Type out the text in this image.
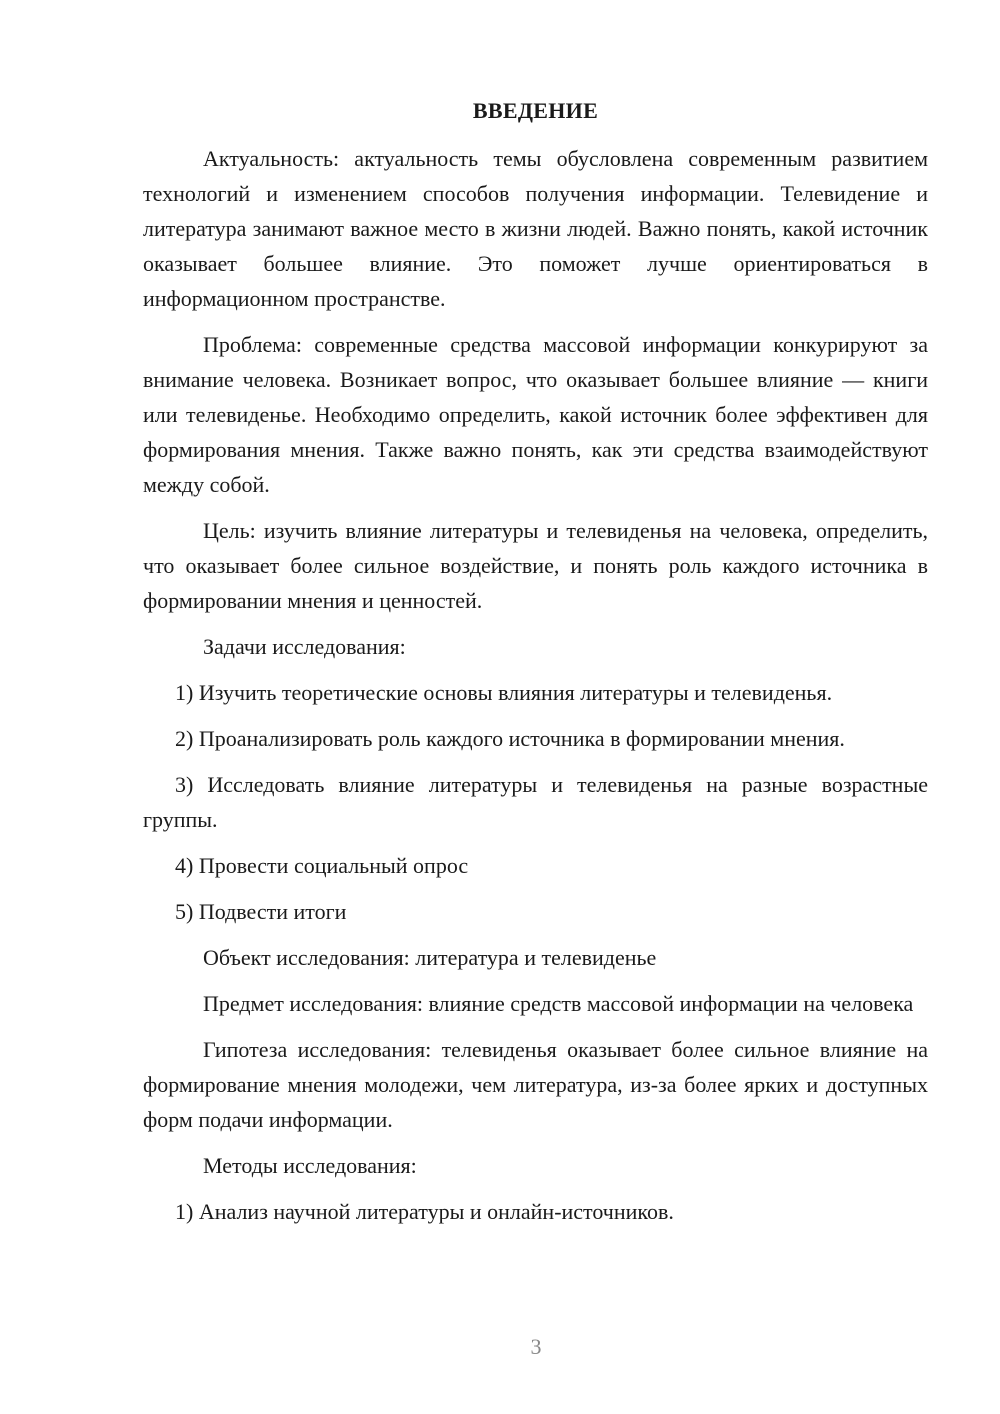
ВВЕДЕНИЕ

Актуальность: актуальность темы обусловлена современным развитием технологий и изменением способов получения информации. Телевидение и литература занимают важное место в жизни людей. Важно понять, какой источник оказывает большее влияние. Это поможет лучше ориентироваться в информационном пространстве.

Проблема: современные средства массовой информации конкурируют за внимание человека. Возникает вопрос, что оказывает большее влияние — книги или телевиденье. Необходимо определить, какой источник более эффективен для формирования мнения. Также важно понять, как эти средства взаимодействуют между собой.

Цель: изучить влияние литературы и телевиденья на человека, определить, что оказывает более сильное воздействие, и понять роль каждого источника в формировании мнения и ценностей.

Задачи исследования:

1) Изучить теоретические основы влияния литературы и телевиденья.

2) Проанализировать роль каждого источника в формировании мнения.

3) Исследовать влияние литературы и телевиденья на разные возрастные группы.

4) Провести социальный опрос

5) Подвести итоги

Объект исследования: литература и телевиденье

Предмет исследования: влияние средств массовой информации на человека

Гипотеза исследования: телевиденья оказывает более сильное влияние на формирование мнения молодежи, чем литература, из-за более ярких и доступных форм подачи информации.

Методы исследования:

1) Анализ научной литературы и онлайн-источников.

3
